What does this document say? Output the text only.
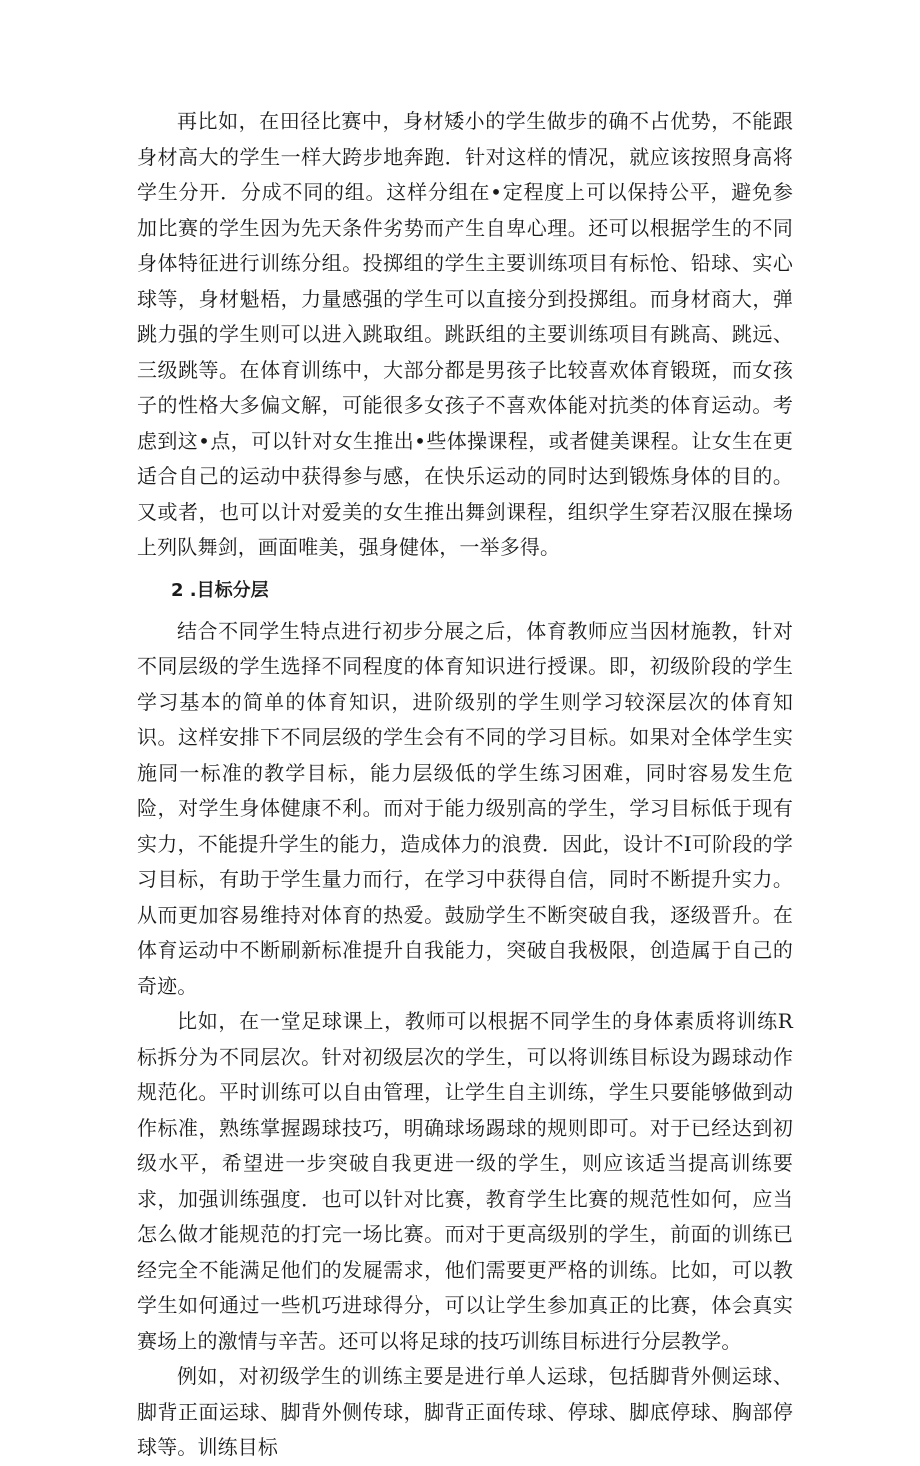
再比如，在田径比赛中，身材矮小的学生做步的确不占优势，不能跟身材高大的学生一样大跨步地奔跑．针对这样的情况，就应该按照身高将学生分开．分成不同的组。这样分组在•定程度上可以保持公平，避免参加比赛的学生因为先天条件劣势而产生自卑心理。还可以根据学生的不同身体特征进行训练分组。投掷组的学生主要训练项目有标怆、铅球、实心球等，身材魁梧，力量感强的学生可以直接分到投掷组。而身材商大，弹跳力强的学生则可以进入跳取组。跳跃组的主要训练项目有跳高、跳远、三级跳等。在体育训练中，大部分都是男孩子比较喜欢体育锻斑，而女孩子的性格大多偏文解，可能很多女孩子不喜欢体能对抗类的体育运动。考虑到这•点，可以针对女生推出•些体操课程，或者健美课程。让女生在更适合自己的运动中获得参与感，在快乐运动的同时达到锻炼身体的目的。又或者，也可以计对爱美的女生推出舞剑课程，组织学生穿若汉服在操场上列队舞剑，画面唯美，强身健体，一举多得。

2 .目标分层

结合不同学生特点进行初步分展之后，体育教师应当因材施教，针对不同层级的学生选择不同程度的体育知识进行授课。即，初级阶段的学生学习基本的简单的体育知识，进阶级别的学生则学习较深层次的体育知识。这样安排下不同层级的学生会有不同的学习目标。如果对全体学生实施同一标准的教学目标，能力层级低的学生练习困难，同时容易发生危险，对学生身体健康不利。而对于能力级别高的学生，学习目标低于现有实力，不能提升学生的能力，造成体力的浪费．因此，设计不I可阶段的学习目标，有助于学生量力而行，在学习中获得自信，同时不断提升实力。从而更加容易维持对体育的热爱。鼓励学生不断突破自我，逐级晋升。在体育运动中不断刷新标准提升自我能力，突破自我极限，创造属于自己的奇迹。

比如，在一堂足球课上，教师可以根据不同学生的身体素质将训练R标拆分为不同层次。针对初级层次的学生，可以将训练目标设为踢球动作规范化。平时训练可以自由管理，让学生自主训练，学生只要能够做到动作标准，熟练掌握踢球技巧，明确球场踢球的规则即可。对于已经达到初级水平，希望进一步突破自我更进一级的学生，则应该适当提高训练要求，加强训练强度．也可以针对比赛，教育学生比赛的规范性如何，应当怎么做才能规范的打完一场比赛。而对于更高级别的学生，前面的训练已经完全不能满足他们的发屣需求，他们需要更严格的训练。比如，可以教学生如何通过一些机巧进球得分，可以让学生参加真正的比赛，体会真实赛场上的激情与辛苦。还可以将足球的技巧训练目标进行分层教学。

例如，对初级学生的训练主要是进行单人运球，包括脚背外侧运球、脚背正面运球、脚背外侧传球，脚背正面传球、停球、脚底停球、胸部停球等。训练目标
